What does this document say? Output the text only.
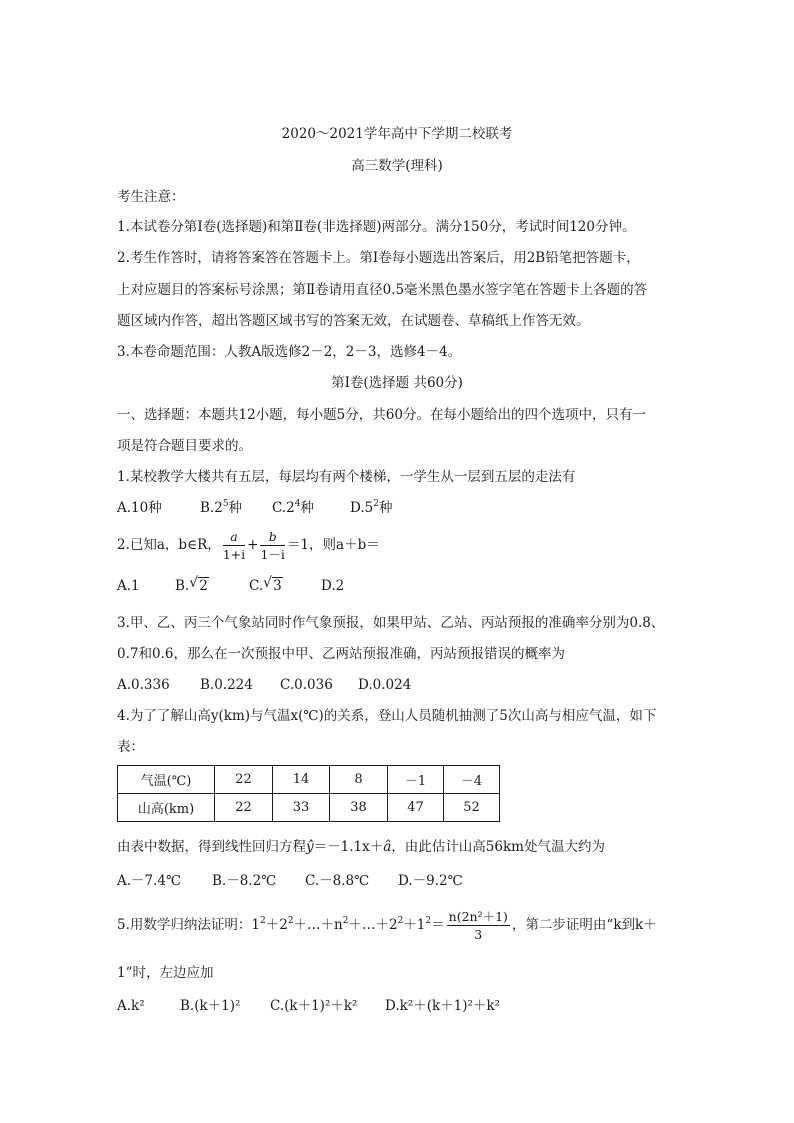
2020～2021学年高中下学期二校联考
高三数学(理科)
考生注意：
1.本试卷分第Ⅰ卷(选择题)和第Ⅱ卷(非选择题)两部分。满分150分，考试时间120分钟。
2.考生作答时，请将答案答在答题卡上。第Ⅰ卷每小题选出答案后，用2B铅笔把答题卡，
上对应题目的答案标号涂黑；第Ⅱ卷请用直径0.5毫米黑色墨水签字笔在答题卡上各题的答
题区域内作答，超出答题区域书写的答案无效，在试题卷、草稿纸上作答无效。
3.本卷命题范围：人教A版选修2－2，2－3，选修4－4。
第Ⅰ卷(选择题 共60分)
一、选择题：本题共12小题，每小题5分，共60分。在每小题给出的四个选项中，只有一
项是符合题目要求的。
1.某校教学大楼共有五层，每层均有两个楼梯，一学生从一层到五层的走法有
A.10种	$B.2^5$种 $C.2^4$种	$D.5^2$种
2.已知a，b∈R， $\frac{a}{1+i} + \frac{b}{1-i} =1$，则a＋b＝
A.1	B. √ 2	C. √ 3	D.2
3.甲、乙、丙三个气象站同时作气象预报，如果甲站、乙站、丙站预报的准确率分别为0.8、
0.7和0.6，那么在一次预报中甲、乙两站预报准确，丙站预报错误的概率为
A.0.336 B.0.224 C.0.036 D.0.024
4.为了了解山高y(km)与气温x(℃)的关系，登山人员随机抽测了5次山高与相应气温，如下
表：
气温(℃)	22	14	8	－1	－4
山高(km)	22	33	38	47	52
由表中数据，得到线性回归方程ŷ＝－1.1x＋â，由此估计山高56km处气温大约为
A.－7.4℃ B.－8.2℃ C.－8.8℃ D.－9.2℃
5.用数学归纳法证明：$1^2+2^2+\dots+n^2+\dots+2^2+1^2= \frac{\text{n(2n²＋1)}}{3}$ ，第二步证明由“k到k＋
1”时，左边应加
A.k²	B.(k＋1)² C.(k＋1)²＋k² D.k²＋(k＋1)²＋k²
